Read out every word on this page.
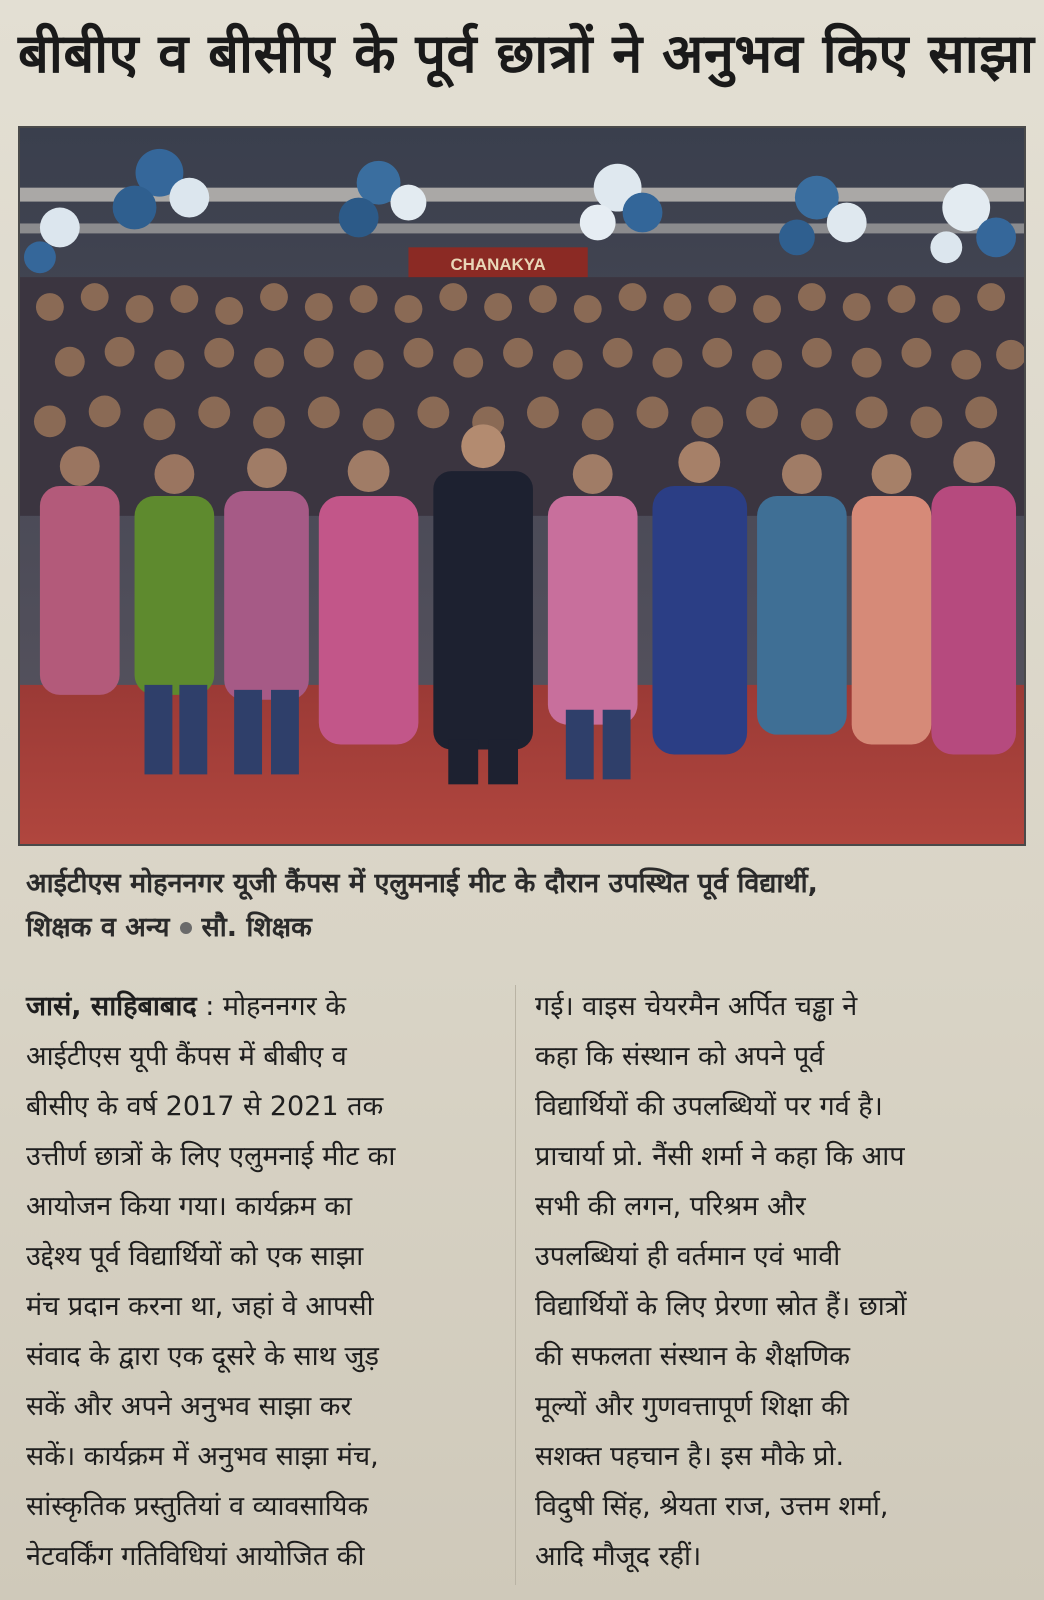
बीबीए व बीसीए के पूर्व छात्रों ने अनुभव किए साझा
CHANAKYA
आईटीएस मोहननगर यूजी कैंपस में एलुमनाई मीट के दौरान उपस्थित पूर्व विद्यार्थी,
शिक्षक व अन्य सौ. शिक्षक
जासं, साहिबाबाद : मोहननगर के
आईटीएस यूपी कैंपस में बीबीए व
बीसीए के वर्ष 2017 से 2021 तक
उत्तीर्ण छात्रों के लिए एलुमनाई मीट का
आयोजन किया गया। कार्यक्रम का
उद्देश्य पूर्व विद्यार्थियों को एक साझा
मंच प्रदान करना था, जहां वे आपसी
संवाद के द्वारा एक दूसरे के साथ जुड़
सकें और अपने अनुभव साझा कर
सकें। कार्यक्रम में अनुभव साझा मंच,
सांस्कृतिक प्रस्तुतियां व व्यावसायिक
नेटवर्किंग गतिविधियां आयोजित की
गई। वाइस चेयरमैन अर्पित चड्ढा ने
कहा कि संस्थान को अपने पूर्व
विद्यार्थियों की उपलब्धियों पर गर्व है।
प्राचार्या प्रो. नैंसी शर्मा ने कहा कि आप
सभी की लगन, परिश्रम और
उपलब्धियां ही वर्तमान एवं भावी
विद्यार्थियों के लिए प्रेरणा स्रोत हैं। छात्रों
की सफलता संस्थान के शैक्षणिक
मूल्यों और गुणवत्तापूर्ण शिक्षा की
सशक्त पहचान है। इस मौके प्रो.
विदुषी सिंह, श्रेयता राज, उत्तम शर्मा,
आदि मौजूद रहीं।
